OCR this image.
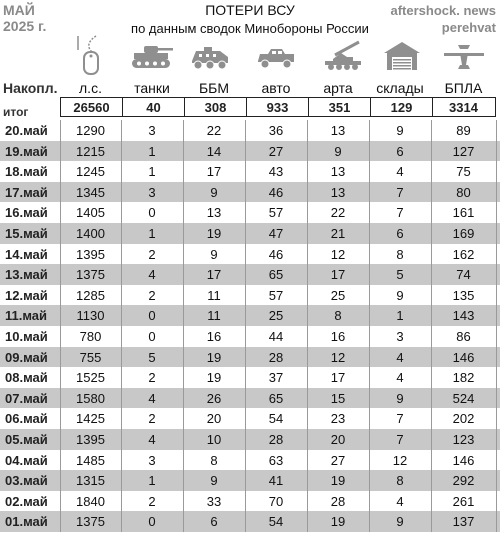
МАЙ
2025 г.
ПОТЕРИ ВСУ
по данным сводок Минобороны России
aftershock. news
perehvat
Накопл.	л.с.	танки	ББМ	авто	арта	склады	БПЛА
итог	26560	40	308	933	351	129	3314
20.май	1290	3	22	36	13	9	89
19.май	1215	1	14	27	9	6	127
18.май	1245	1	17	43	13	4	75
17.май	1345	3	9	46	13	7	80
16.май	1405	0	13	57	22	7	161
15.май	1400	1	19	47	21	6	169
14.май	1395	2	9	46	12	8	162
13.май	1375	4	17	65	17	5	74
12.май	1285	2	11	57	25	9	135
11.май	1130	0	11	25	8	1	143
10.май	780	0	16	44	16	3	86
09.май	755	5	19	28	12	4	146
08.май	1525	2	19	37	17	4	182
07.май	1580	4	26	65	15	9	524
06.май	1425	2	20	54	23	7	202
05.май	1395	4	10	28	20	7	123
04.май	1485	3	8	63	27	12	146
03.май	1315	1	9	41	19	8	292
02.май	1840	2	33	70	28	4	261
01.май	1375	0	6	54	19	9	137
